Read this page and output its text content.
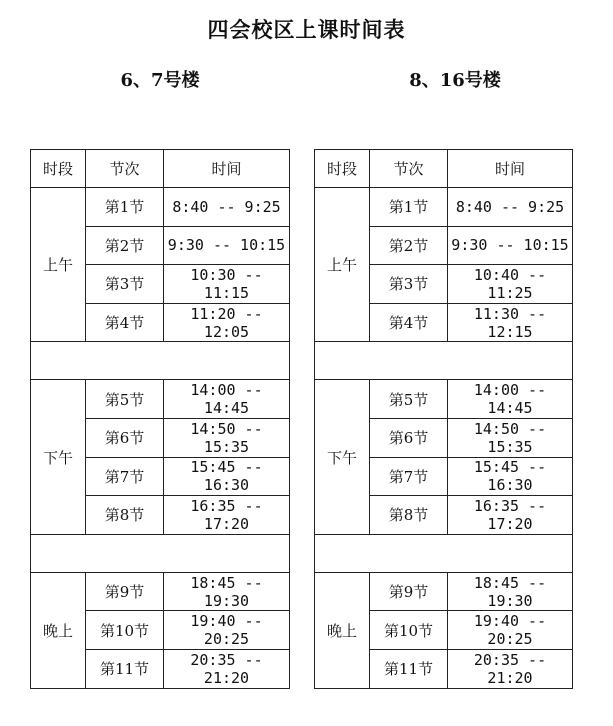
四会校区上课时间表
6、7号楼	8、16号楼
时段	节次	时间
上午	第1节	8:40 -- 9:25
	第2节	9:30 -- 10:15
	第3节	10:30 -- 11:15
	第4节	11:20 -- 12:05

下午	第5节	14:00 -- 14:45
	第6节	14:50 -- 15:35
	第7节	15:45 -- 16:30
	第8节	16:35 -- 17:20

晚上	第9节	18:45 -- 19:30
	第10节	19:40 -- 20:25
	第11节	20:35 -- 21:20
时段	节次	时间
上午	第1节	8:40 -- 9:25
	第2节	9:30 -- 10:15
	第3节	10:40 -- 11:25
	第4节	11:30 -- 12:15

下午	第5节	14:00 -- 14:45
	第6节	14:50 -- 15:35
	第7节	15:45 -- 16:30
	第8节	16:35 -- 17:20

晚上	第9节	18:45 -- 19:30
	第10节	19:40 -- 20:25
	第11节	20:35 -- 21:20
